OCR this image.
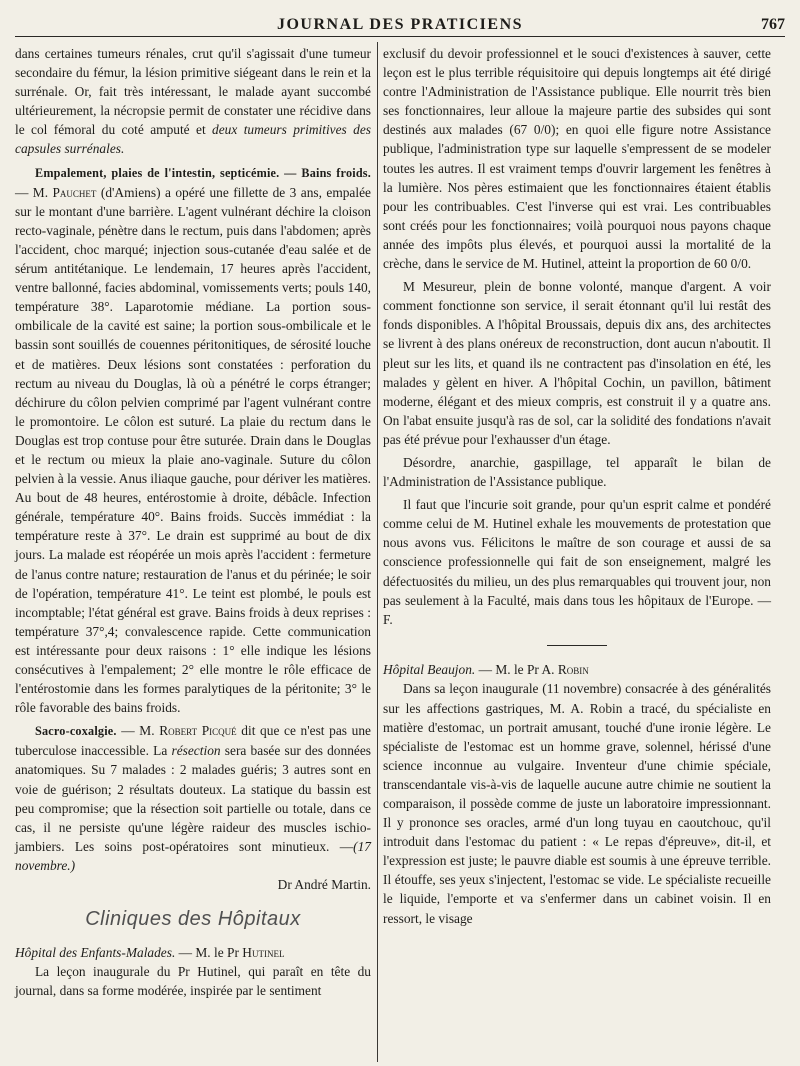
JOURNAL DES PRATICIENS	767

dans certaines tumeurs rénales, crut qu'il s'agissait d'une tumeur secondaire du fémur, la lésion primitive siégeant dans le rein et la surrénale. Or, fait très intéressant, le malade ayant succombé ultérieurement, la nécropsie permit de constater une récidive dans le col fémoral du coté amputé et deux tumeurs primitives des capsules surrénales.

Empalement, plaies de l'intestin, septicémie. — Bains froids. — M. Pauchet (d'Amiens) a opéré une fillette de 3 ans, empalée sur le montant d'une barrière. L'agent vulnérant déchire la cloison recto-vaginale, pénètre dans le rectum, puis dans l'abdomen; après l'accident, choc marqué; injection sous-cutanée d'eau salée et de sérum antitétanique. Le lendemain, 17 heures après l'accident, ventre ballonné, facies abdominal, vomissements verts; pouls 140, température 38°. Laparotomie médiane. La portion sous-ombilicale de la cavité est saine; la portion sous-ombilicale et le bassin sont souillés de couennes péritonitiques, de sérosité louche et de matières. Deux lésions sont constatées : perforation du rectum au niveau du Douglas, là où a pénétré le corps étranger; déchirure du côlon pelvien comprimé par l'agent vulnérant contre le promontoire. Le côlon est suturé. La plaie du rectum dans le Douglas est trop contuse pour être suturée. Drain dans le Douglas et le rectum ou mieux la plaie ano-vaginale. Suture du côlon pelvien à la vessie. Anus iliaque gauche, pour dériver les matières. Au bout de 48 heures, entérostomie à droite, débâcle. Infection générale, température 40°. Bains froids. Succès immédiat : la température reste à 37°. Le drain est supprimé au bout de dix jours. La malade est réopérée un mois après l'accident : fermeture de l'anus contre nature; restauration de l'anus et du périnée; le soir de l'opération, température 41°. Le teint est plombé, le pouls est incomptable; l'état général est grave. Bains froids à deux reprises : température 37°,4; convalescence rapide. Cette communication est intéressante pour deux raisons : 1° elle indique les lésions consécutives à l'empalement; 2° elle montre le rôle efficace de l'entérostomie dans les formes paralytiques de la péritonite; 3° le rôle favorable des bains froids.

Sacro-coxalgie. — M. Robert Picqué dit que ce n'est pas une tuberculose inaccessible. La résection sera basée sur des données anatomiques. Su 7 malades : 2 malades guéris; 3 autres sont en voie de guérison; 2 résultats douteux. La statique du bassin est peu compromise; que la résection soit partielle ou totale, dans ce cas, il ne persiste qu'une légère raideur des muscles ischio-jambiers. Les soins post-opératoires sont minutieux. —(17 novembre.)

Dr André Martin.

Cliniques des Hôpitaux

Hôpital des Enfants-Malades. — M. le Pr Hutinel

La leçon inaugurale du Pr Hutinel, qui paraît en tête du journal, dans sa forme modérée, inspirée par le sentiment

exclusif du devoir professionnel et le souci d'existences à sauver, cette leçon est le plus terrible réquisitoire qui depuis longtemps ait été dirigé contre l'Administration de l'Assistance publique. Elle nourrit très bien ses fonctionnaires, leur alloue la majeure partie des subsides qui sont destinés aux malades (67 0/0); en quoi elle figure notre Assistance publique, l'administration type sur laquelle s'empressent de se modeler toutes les autres. Il est vraiment temps d'ouvrir largement les fenêtres à la lumière. Nos pères estimaient que les fonctionnaires étaient établis pour les contribuables. C'est l'inverse qui est vrai. Les contribuables sont créés pour les fonctionnaires; voilà pourquoi nous payons chaque année des impôts plus élevés, et pourquoi aussi la mortalité de la crèche, dans le service de M. Hutinel, atteint la proportion de 60 0/0.

M Mesureur, plein de bonne volonté, manque d'argent. A voir comment fonctionne son service, il serait étonnant qu'il lui restât des fonds disponibles. A l'hôpital Broussais, depuis dix ans, des architectes se livrent à des plans onéreux de reconstruction, dont aucun n'aboutit. Il pleut sur les lits, et quand ils ne contractent pas d'insolation en été, les malades y gèlent en hiver. A l'hôpital Cochin, un pavillon, bâtiment moderne, élégant et des mieux compris, est construit il y a quatre ans. On l'abat ensuite jusqu'à ras de sol, car la solidité des fondations n'avait pas été prévue pour l'exhausser d'un étage.

Désordre, anarchie, gaspillage, tel apparaît le bilan de l'Administration de l'Assistance publique.

Il faut que l'incurie soit grande, pour qu'un esprit calme et pondéré comme celui de M. Hutinel exhale les mouvements de protestation que nous avons vus. Félicitons le maître de son courage et aussi de sa conscience professionnelle qui fait de son enseignement, malgré les défectuosités du milieu, un des plus remarquables qui trouvent jour, non pas seulement à la Faculté, mais dans tous les hôpitaux de l'Europe. — F.

Hôpital Beaujon. — M. le Pr A. Robin

Dans sa leçon inaugurale (11 novembre) consacrée à des généralités sur les affections gastriques, M. A. Robin a tracé, du spécialiste en matière d'estomac, un portrait amusant, touché d'une ironie légère. Le spécialiste de l'estomac est un homme grave, solennel, hérissé d'une science inconnue au vulgaire. Inventeur d'une chimie spéciale, transcendantale vis-à-vis de laquelle aucune autre chimie ne soutient la comparaison, il possède comme de juste un laboratoire impressionnant. Il y prononce ses oracles, armé d'un long tuyau en caoutchouc, qu'il introduit dans l'estomac du patient : « Le repas d'épreuve», dit-il, et l'expression est juste; le pauvre diable est soumis à une épreuve terrible. Il étouffe, ses yeux s'injectent, l'estomac se vide. Le spécialiste recueille le liquide, l'emporte et va s'enfermer dans un cabinet voisin. Il en ressort, le visage
